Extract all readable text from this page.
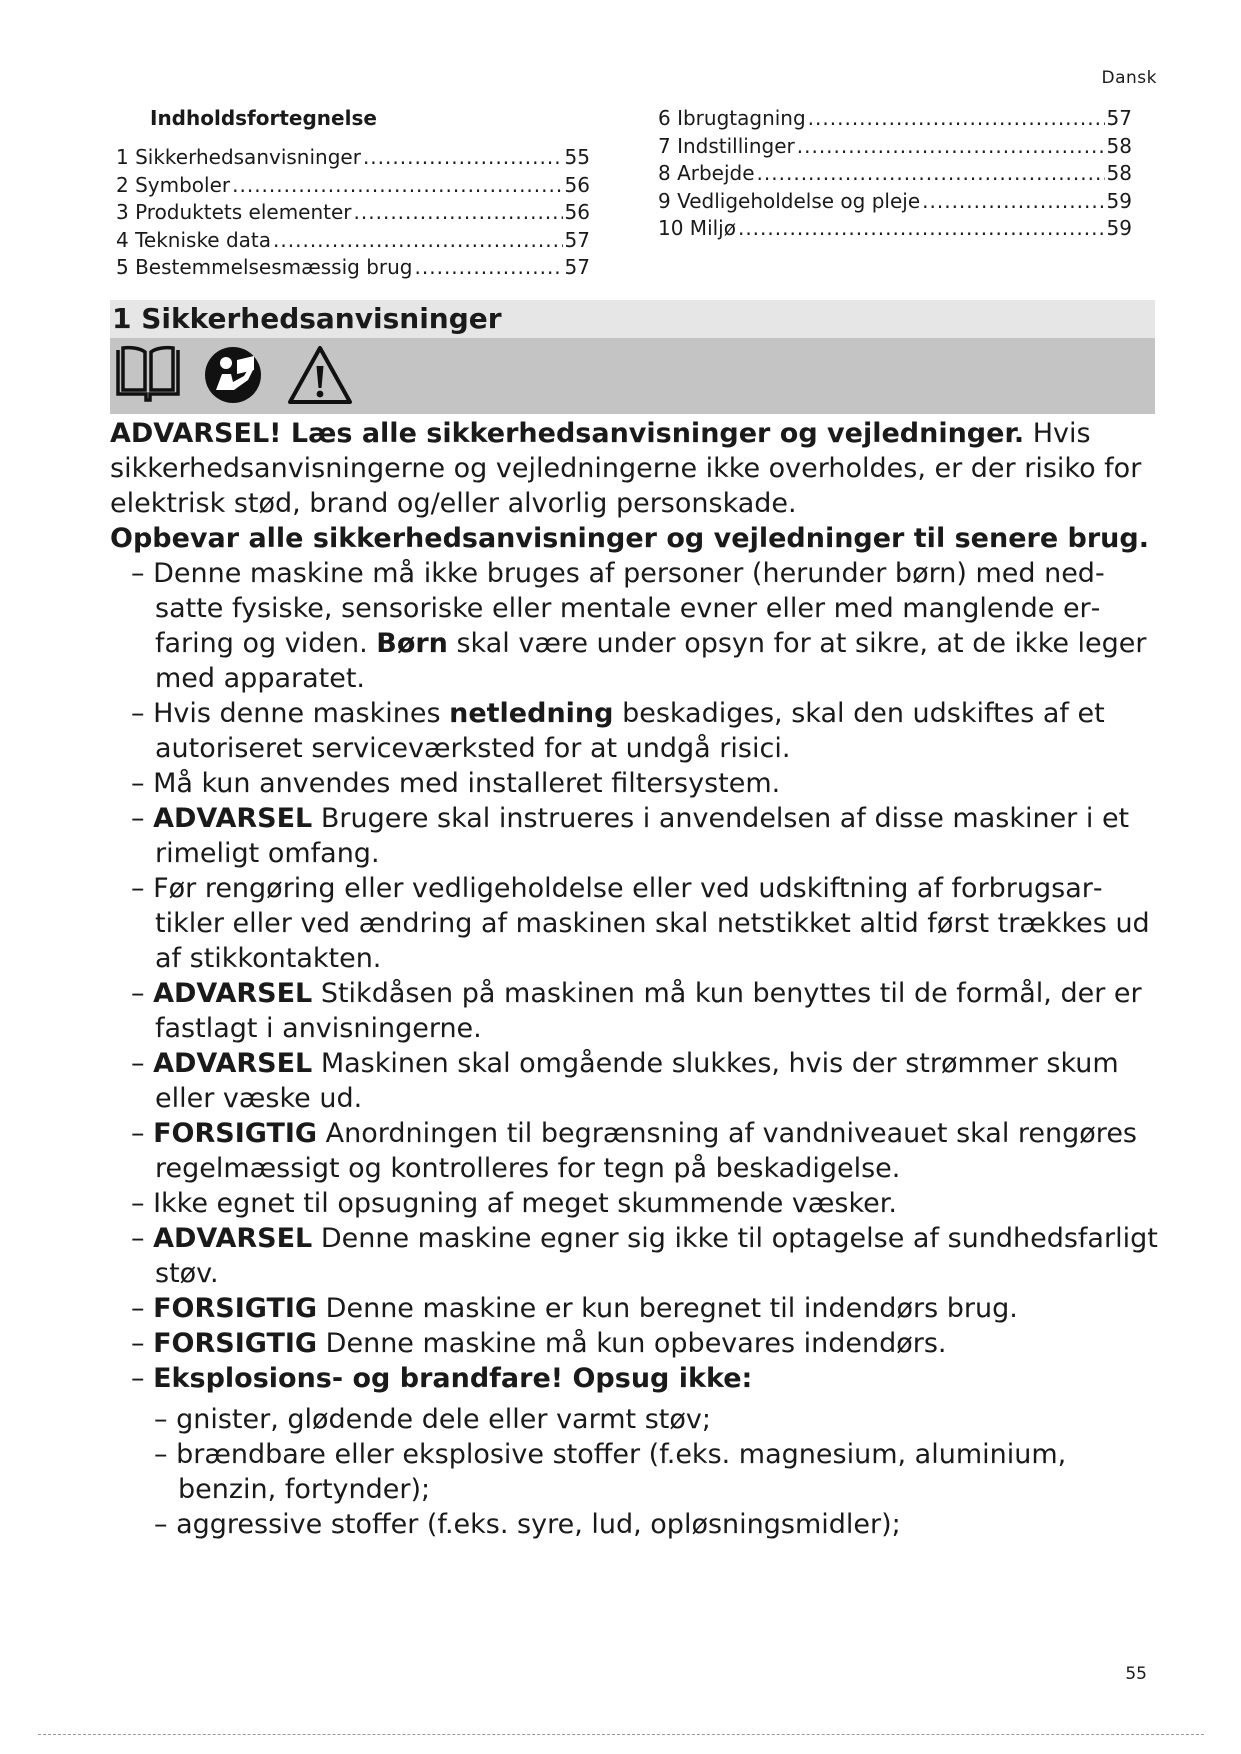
Dansk
Indholdsfortegnelse
1 Sikkerhedsanvisninger .....	55
2 Symboler .....	56
3 Produktets elementer .....	56
4 Tekniske data .....	57
5 Bestemmelsesmæssig brug .....	57
6 Ibrugtagning .....	57
7 Indstillinger .....	58
8 Arbejde .....	58
9 Vedligeholdelse og pleje .....	59
10 Miljø .....	59
1 Sikkerhedsanvisninger

ADVARSEL! Læs alle sikkerhedsanvisninger og vejledninger. Hvis sikkerhedsanvisningerne og vejledningerne ikke overholdes, er der risiko for elektrisk stød, brand og/eller alvorlig personskade.

Opbevar alle sikkerhedsanvisninger og vejledninger til senere brug.

– Denne maskine må ikke bruges af personer (herunder børn) med nedsatte fysiske, sensoriske eller mentale evner eller med manglende erfaring og viden. Børn skal være under opsyn for at sikre, at de ikke leger med apparatet.

– Hvis denne maskines netledning beskadiges, skal den udskiftes af et autoriseret serviceværksted for at undgå risici.

– Må kun anvendes med installeret filtersystem.

– ADVARSEL Brugere skal instrueres i anvendelsen af disse maskiner i et rimeligt omfang.

– Før rengøring eller vedligeholdelse eller ved udskiftning af forbrugsartikler eller ved ændring af maskinen skal netstikket altid først trækkes ud af stikkontakten.

– ADVARSEL Stikdåsen på maskinen må kun benyttes til de formål, der er fastlagt i anvisningerne.

– ADVARSEL Maskinen skal omgående slukkes, hvis der strømmer skum eller væske ud.

– FORSIGTIG Anordningen til begrænsning af vandniveauet skal rengøres regelmæssigt og kontrolleres for tegn på beskadigelse.

– Ikke egnet til opsugning af meget skummende væsker.

– ADVARSEL Denne maskine egner sig ikke til optagelse af sundhedsfarligt støv.

– FORSIGTIG Denne maskine er kun beregnet til indendørs brug.

– FORSIGTIG Denne maskine må kun opbevares indendørs.

– Eksplosions- og brandfare! Opsug ikke:

– gnister, glødende dele eller varmt støv;

– brændbare eller eksplosive stoffer (f.eks. magnesium, aluminium, benzin, fortynder);

– aggressive stoffer (f.eks. syre, lud, opløsningsmidler);

55
